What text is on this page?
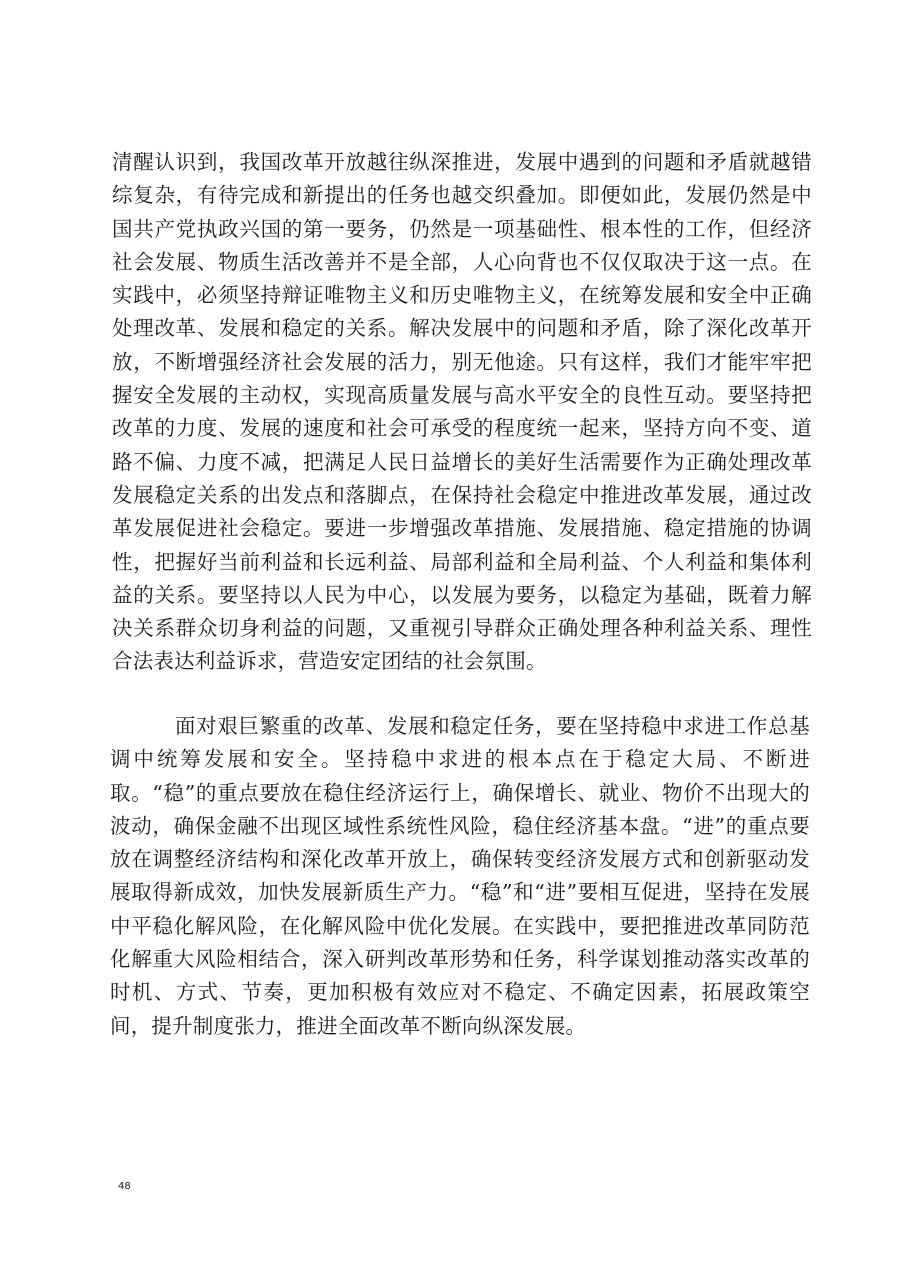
清醒认识到，我国改革开放越往纵深推进，发展中遇到的问题和矛盾就越错综复杂，有待完成和新提出的任务也越交织叠加。即便如此，发展仍然是中国共产党执政兴国的第一要务，仍然是一项基础性、根本性的工作，但经济社会发展、物质生活改善并不是全部，人心向背也不仅仅取决于这一点。在实践中，必须坚持辩证唯物主义和历史唯物主义，在统筹发展和安全中正确处理改革、发展和稳定的关系。解决发展中的问题和矛盾，除了深化改革开放，不断增强经济社会发展的活力，别无他途。只有这样，我们才能牢牢把握安全发展的主动权，实现高质量发展与高水平安全的良性互动。要坚持把改革的力度、发展的速度和社会可承受的程度统一起来，坚持方向不变、道路不偏、力度不减，把满足人民日益增长的美好生活需要作为正确处理改革发展稳定关系的出发点和落脚点，在保持社会稳定中推进改革发展，通过改革发展促进社会稳定。要进一步增强改革措施、发展措施、稳定措施的协调性，把握好当前利益和长远利益、局部利益和全局利益、个人利益和集体利益的关系。要坚持以人民为中心，以发展为要务，以稳定为基础，既着力解决关系群众切身利益的问题，又重视引导群众正确处理各种利益关系、理性合法表达利益诉求，营造安定团结的社会氛围。

面对艰巨繁重的改革、发展和稳定任务，要在坚持稳中求进工作总基调中统筹发展和安全。坚持稳中求进的根本点在于稳定大局、不断进取。“稳”的重点要放在稳住经济运行上，确保增长、就业、物价不出现大的波动，确保金融不出现区域性系统性风险，稳住经济基本盘。“进”的重点要放在调整经济结构和深化改革开放上，确保转变经济发展方式和创新驱动发展取得新成效，加快发展新质生产力。“稳”和“进”要相互促进，坚持在发展中平稳化解风险，在化解风险中优化发展。在实践中，要把推进改革同防范化解重大风险相结合，深入研判改革形势和任务，科学谋划推动落实改革的时机、方式、节奏，更加积极有效应对不稳定、不确定因素，拓展政策空间，提升制度张力，推进全面改革不断向纵深发展。

48
